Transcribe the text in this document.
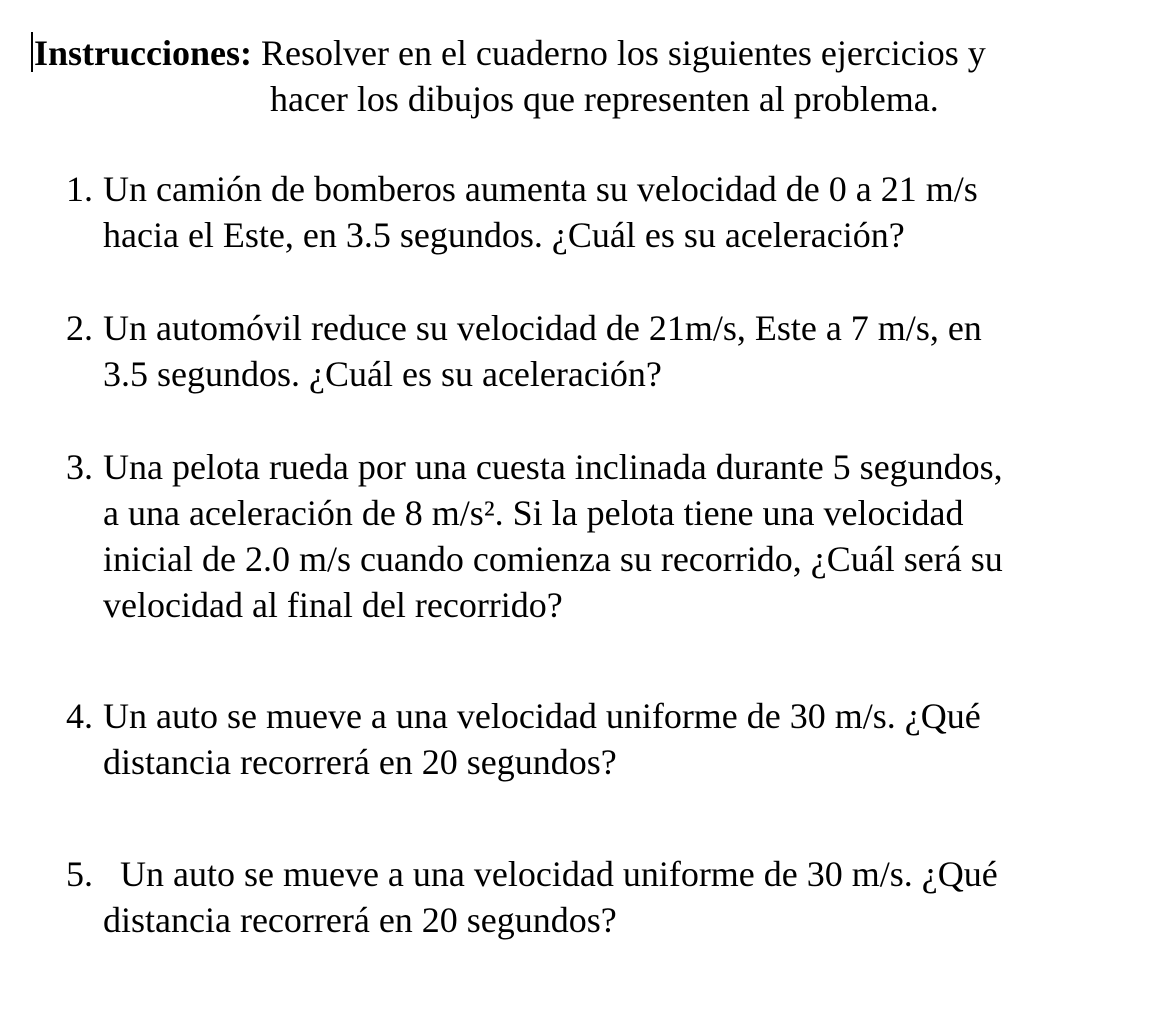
Instrucciones: Resolver en el cuaderno los siguientes ejercicios y
hacer los dibujos que representen al problema.
1. Un camión de bomberos aumenta su velocidad de 0 a 21 m/s
hacia el Este, en 3.5 segundos. ¿Cuál es su aceleración?
2. Un automóvil reduce su velocidad de 21m/s, Este a 7 m/s, en
3.5 segundos. ¿Cuál es su aceleración?
3. Una pelota rueda por una cuesta inclinada durante 5 segundos,
a una aceleración de 8 m/s². Si la pelota tiene una velocidad
inicial de 2.0 m/s cuando comienza su recorrido, ¿Cuál será su
velocidad al final del recorrido?
4. Un auto se mueve a una velocidad uniforme de 30 m/s. ¿Qué
distancia recorrerá en 20 segundos?
5. Un auto se mueve a una velocidad uniforme de 30 m/s. ¿Qué
distancia recorrerá en 20 segundos?
